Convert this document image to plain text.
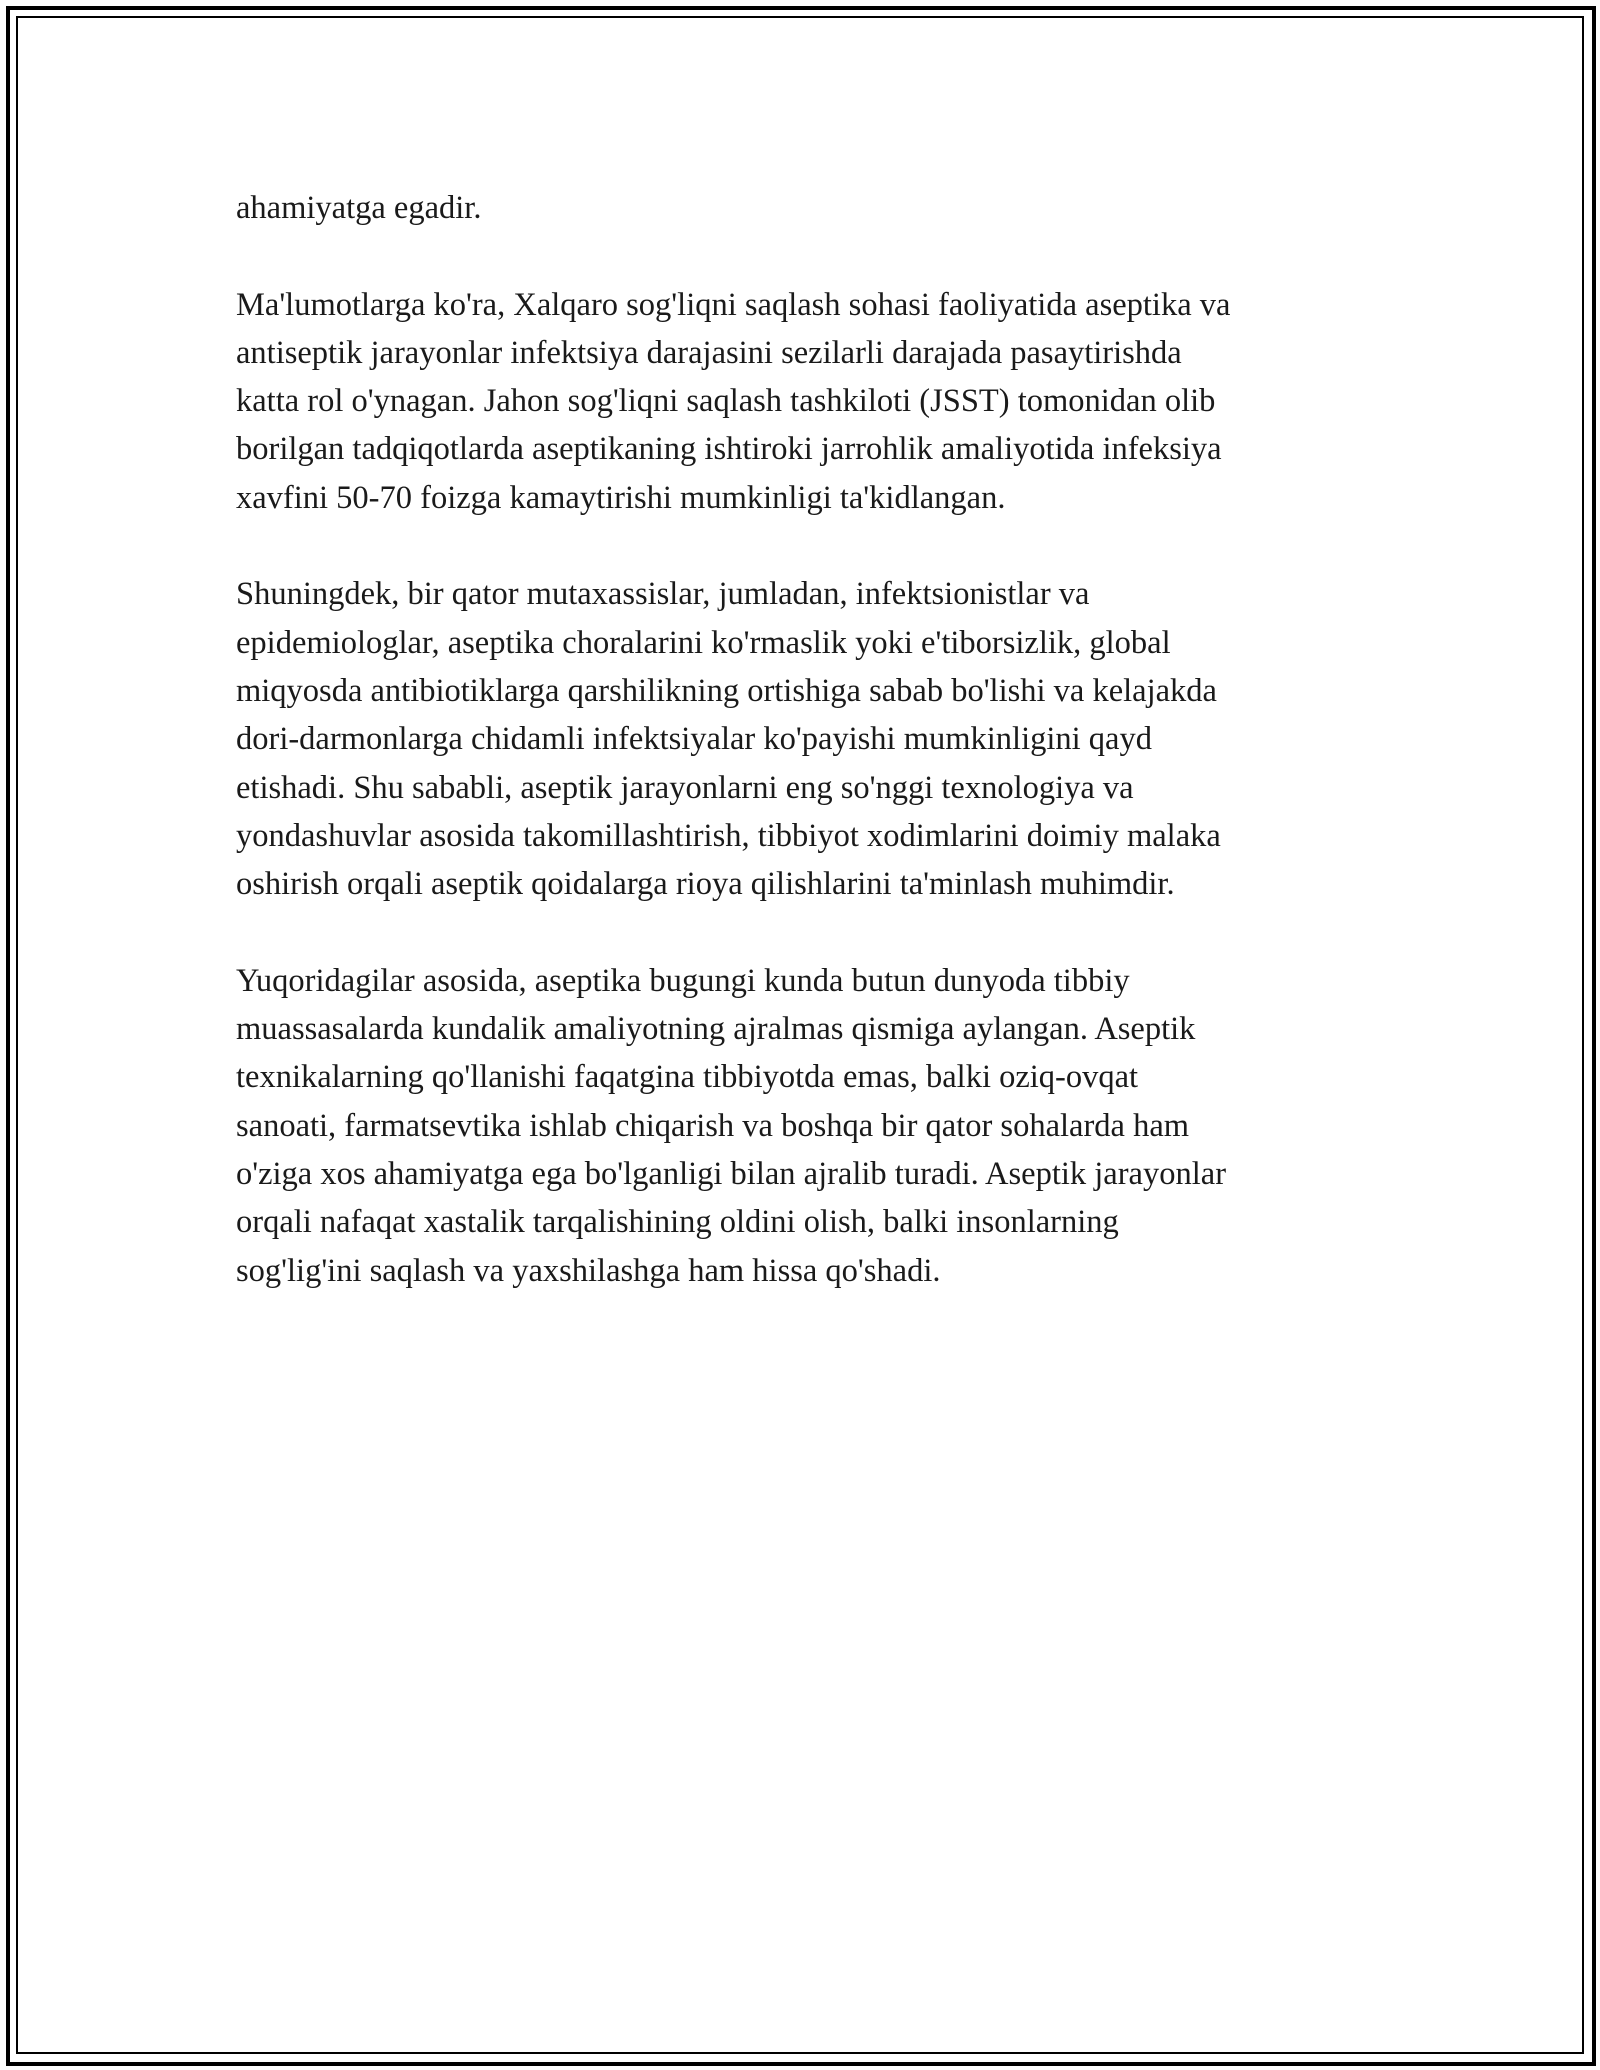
ahamiyatga egadir.

Ma'lumotlarga ko'ra, Xalqaro sog'liqni saqlash sohasi faoliyatida aseptika va
antiseptik jarayonlar infektsiya darajasini sezilarli darajada pasaytirishda
katta rol o'ynagan. Jahon sog'liqni saqlash tashkiloti (JSST) tomonidan olib
borilgan tadqiqotlarda aseptikaning ishtiroki jarrohlik amaliyotida infeksiya
xavfini 50-70 foizga kamaytirishi mumkinligi ta'kidlangan.

Shuningdek, bir qator mutaxassislar, jumladan, infektsionistlar va
epidemiologlar, aseptika choralarini ko'rmaslik yoki e'tiborsizlik, global
miqyosda antibiotiklarga qarshilikning ortishiga sabab bo'lishi va kelajakda
dori-darmonlarga chidamli infektsiyalar ko'payishi mumkinligini qayd
etishadi. Shu sababli, aseptik jarayonlarni eng so'nggi texnologiya va
yondashuvlar asosida takomillashtirish, tibbiyot xodimlarini doimiy malaka
oshirish orqali aseptik qoidalarga rioya qilishlarini ta'minlash muhimdir.

Yuqoridagilar asosida, aseptika bugungi kunda butun dunyoda tibbiy
muassasalarda kundalik amaliyotning ajralmas qismiga aylangan. Aseptik
texnikalarning qo'llanishi faqatgina tibbiyotda emas, balki oziq-ovqat
sanoati, farmatsevtika ishlab chiqarish va boshqa bir qator sohalarda ham
o'ziga xos ahamiyatga ega bo'lganligi bilan ajralib turadi. Aseptik jarayonlar
orqali nafaqat xastalik tarqalishining oldini olish, balki insonlarning
sog'lig'ini saqlash va yaxshilashga ham hissa qo'shadi.
